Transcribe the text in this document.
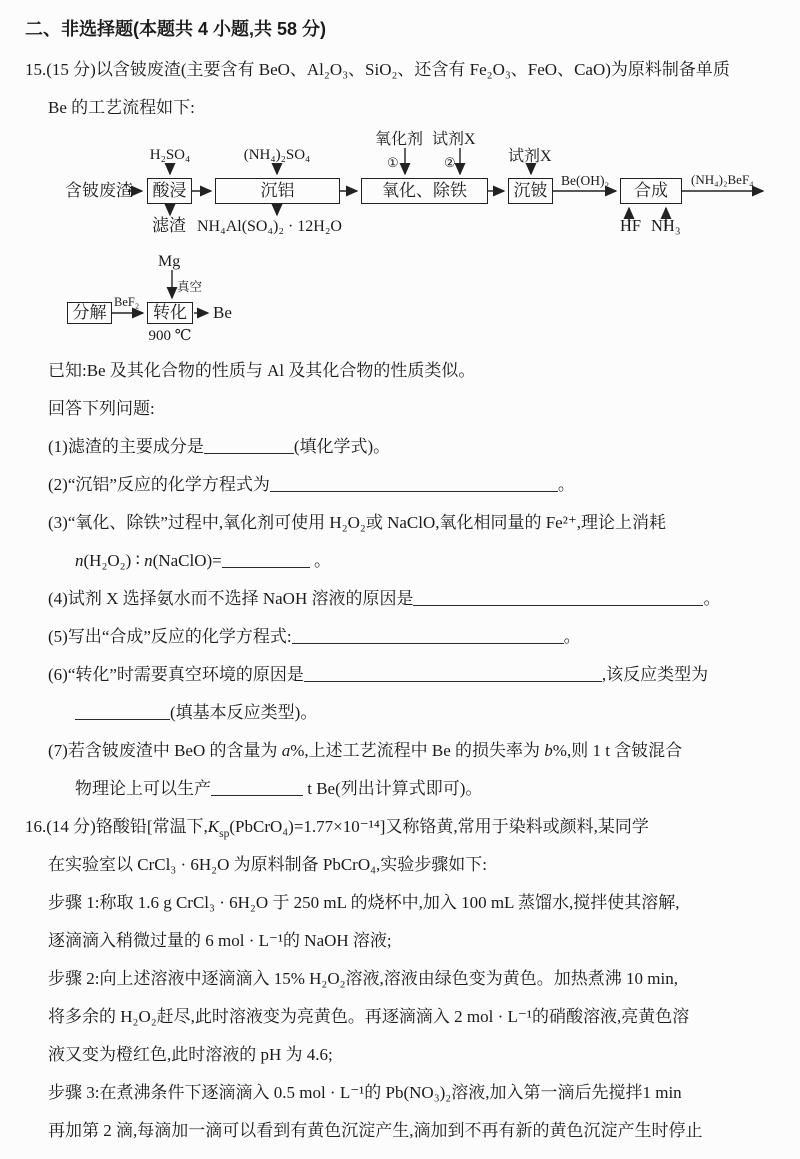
二、非选择题(本题共 4 小题,共 58 分)
15.(15 分)以含铍废渣(主要含有 BeO、Al₂O₃、SiO₂、还含有 Fe₂O₃、FeO、CaO)为原料制备单质
Be 的工艺流程如下:
含铍废渣	酸浸	沉铝	氧化、除铁	沉铍	合成
H₂SO₄	(NH₄)₂SO₄
氧化剂 试剂X
①	②	试剂X
Be(OH)₂	(NH₄)₂BeF₄
HF NH₃
滤渣 NH₄Al(SO₄)₂ · 12H₂O
Mg
真空
分解
BeF₂
转化
900 ℃
Be
已知:Be 及其化合物的性质与 Al 及其化合物的性质类似。
回答下列问题:
(1)滤渣的主要成分是	(填化学式)。
(2)“沉铝”反应的化学方程式为	。
(3)“氧化、除铁”过程中,氧化剂可使用 H₂O₂或 NaClO,氧化相同量的 Fe²⁺,理论上消耗
n(H₂O₂) ∶ n(NaClO)=	。
(4)试剂 X 选择氨水而不选择 NaOH 溶液的原因是	。
(5)写出“合成”反应的化学方程式:	。
(6)“转化”时需要真空环境的原因是	,该反应类型为
(填基本反应类型)。
(7)若含铍废渣中 BeO 的含量为 a%,上述工艺流程中 Be 的损失率为 b%,则 1 t 含铍混合
物理论上可以生产	t Be(列出计算式即可)。
16.(14 分)铬酸铅[常温下$,K_{sp}(PbCrO_4)=1.77\times 10^{-14}$]又称铬黄,常用于染料或颜料,某同学
在实验室以 CrCl₃ · 6H₂O 为原料制备 PbCrO₄,实验步骤如下:
步骤 1:称取 1.6 g CrCl₃ · 6H₂O 于 250 mL 的烧杯中,加入 100 mL 蒸馏水,搅拌使其溶解,
逐滴滴入稍微过量的 6 mol · L⁻¹的 NaOH 溶液;
步骤 2:向上述溶液中逐滴滴入 15% H₂O₂溶液,溶液由绿色变为黄色。加热煮沸 10 min,
将多余的 H₂O₂赶尽,此时溶液变为亮黄色。再逐滴滴入 2 mol · L⁻¹的硝酸溶液,亮黄色溶
液又变为橙红色,此时溶液的 pH 为 4.6;
步骤 3:在煮沸条件下逐滴滴入 0.5 mol · L⁻¹的 Pb(NO₃)₂溶液,加入第一滴后先搅拌1 min
再加第 2 滴,每滴加一滴可以看到有黄色沉淀产生,滴加到不再有新的黄色沉淀产生时停止
